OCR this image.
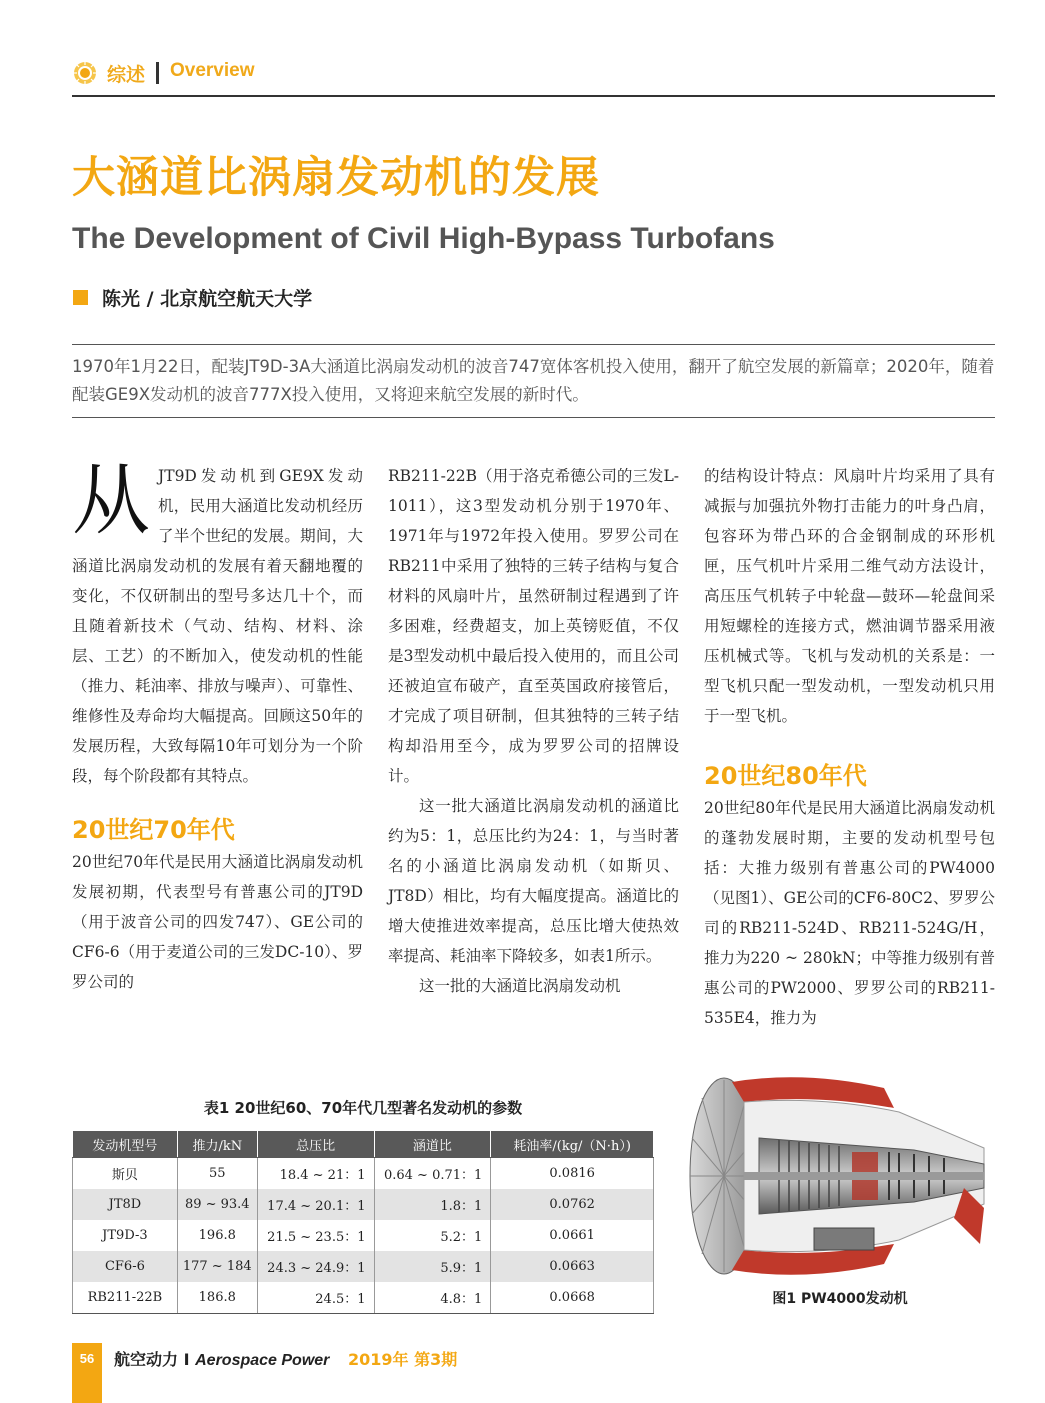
综述 Overview
大涵道比涡扇发动机的发展
The Development of Civil High-Bypass Turbofans
陈光 / 北京航空航天大学
1970年1月22日，配装JT9D-3A大涵道比涡扇发动机的波音747宽体客机投入使用，翻开了航空发展的新篇章；2020年，随着配装GE9X发动机的波音777X投入使用，又将迎来航空发展的新时代。
从 JT9D发动机到GE9X发动机，民用大涵道比发动机经历了半个世纪的发展。期间，大涵道比涡扇发动机的发展有着天翻地覆的变化，不仅研制出的型号多达几十个，而且随着新技术（气动、结构、材料、涂层、工艺）的不断加入，使发动机的性能（推力、耗油率、排放与噪声）、可靠性、维修性及寿命均大幅提高。回顾这50年的发展历程，大致每隔10年可划分为一个阶段，每个阶段都有其特点。

20世纪70年代

20世纪70年代是民用大涵道比涡扇发动机发展初期，代表型号有普惠公司的JT9D（用于波音公司的四发747）、GE公司的CF6-6（用于麦道公司的三发DC-10）、罗罗公司的

RB211-22B（用于洛克希德公司的三发L-1011），这3型发动机分别于1970年、1971年与1972年投入使用。罗罗公司在RB211中采用了独特的三转子结构与复合材料的风扇叶片，虽然研制过程遇到了许多困难，经费超支，加上英镑贬值，不仅是3型发动机中最后投入使用的，而且公司还被迫宣布破产，直至英国政府接管后，才完成了项目研制，但其独特的三转子结构却沿用至今，成为罗罗公司的招牌设计。

这一批大涵道比涡扇发动机的涵道比约为5：1，总压比约为24：1，与当时著名的小涵道比涡扇发动机（如斯贝、JT8D）相比，均有大幅度提高。涵道比的增大使推进效率提高，总压比增大使热效率提高、耗油率下降较多，如表1所示。

这一批的大涵道比涡扇发动机

的结构设计特点：风扇叶片均采用了具有减振与加强抗外物打击能力的叶身凸肩，包容环为带凸环的合金钢制成的环形机匣，压气机叶片采用二维气动方法设计，高压压气机转子中轮盘—鼓环—轮盘间采用短螺栓的连接方式，燃油调节器采用液压机械式等。飞机与发动机的关系是：一型飞机只配一型发动机，一型发动机只用于一型飞机。

20世纪80年代

20世纪80年代是民用大涵道比涡扇发动机的蓬勃发展时期，主要的发动机型号包括：大推力级别有普惠公司的PW4000（见图1）、GE公司的CF6-80C2、罗罗公司的RB211-524D、RB211-524G/H，推力为220 ~ 280kN；中等推力级别有普惠公司的PW2000、罗罗公司的RB211-535E4，推力为

表1 20世纪60、70年代几型著名发动机的参数
发动机型号	推力/kN	总压比	涵道比	耗油率/(kg/（N·h）)
斯贝	55	18.4 ~ 21：1	0.64 ~ 0.71：1	0.0816
JT8D	89 ~ 93.4	17.4 ~ 20.1：1	1.8：1	0.0762
JT9D-3	196.8	21.5 ~ 23.5：1	5.2：1	0.0661
CF6-6	177 ~ 184	24.3 ~ 24.9：1	5.9：1	0.0663
RB211-22B	186.8	24.5：1	4.8：1	0.0668	图1 PW4000发动机
56	航空动力 I Aerospace Power 2019年 第3期
